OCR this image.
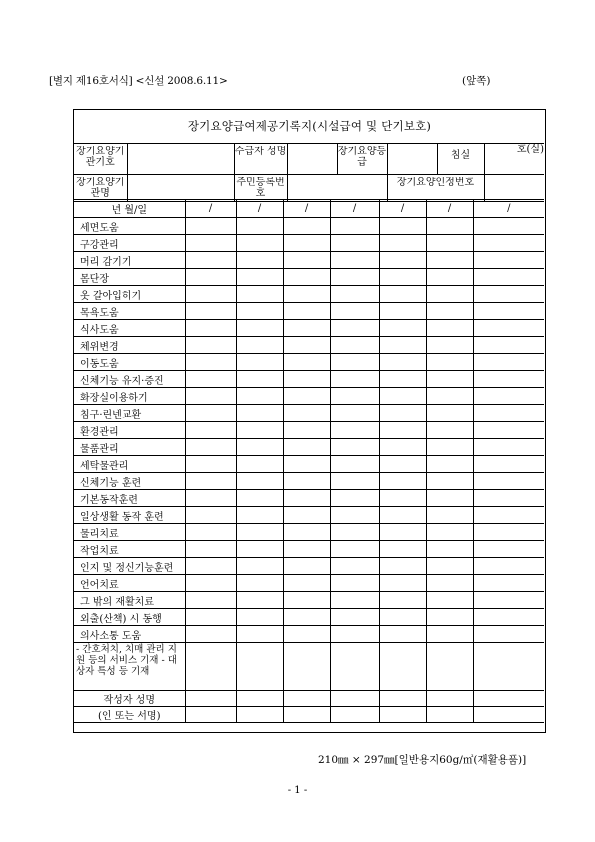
[별지 제16호서식] <신설 2008.6.11>	(앞쪽)
장기요양급여제공기록지(시설급여 및 단기보호)
장기요양기관기호		수급자 성명		장기요양등급		침실	호(실)

장기요양기관명		주민등록번호			장기요양인정번호		

년 월/일	/	/	/	/	/	/	/
세면도움							
구강관리							
머리 감기기							
몸단장							
옷 갈아입히기							
목욕도움							
식사도움							
체위변경							
이동도움							
신체기능 유지·증진							
화장실이용하기							
침구·린넨교환							
환경관리							
물품관리							
세탁물관리							
신체기능 훈련							
기본동작훈련							
일상생활 동작 훈련							
물리치료							
작업치료							
인지 및 정신기능훈련							
언어치료							
그 밖의 재활치료							
외출(산책) 시 동행							
의사소통 도움							
- 간호처치, 치매 관리 지원 등의 서비스 기재 - 대상자 특성 등 기재							
작성자 성명							
(인 또는 서명)							
210㎜ × 297㎜[일반용지60g/㎡(재활용품)]
- 1 -
